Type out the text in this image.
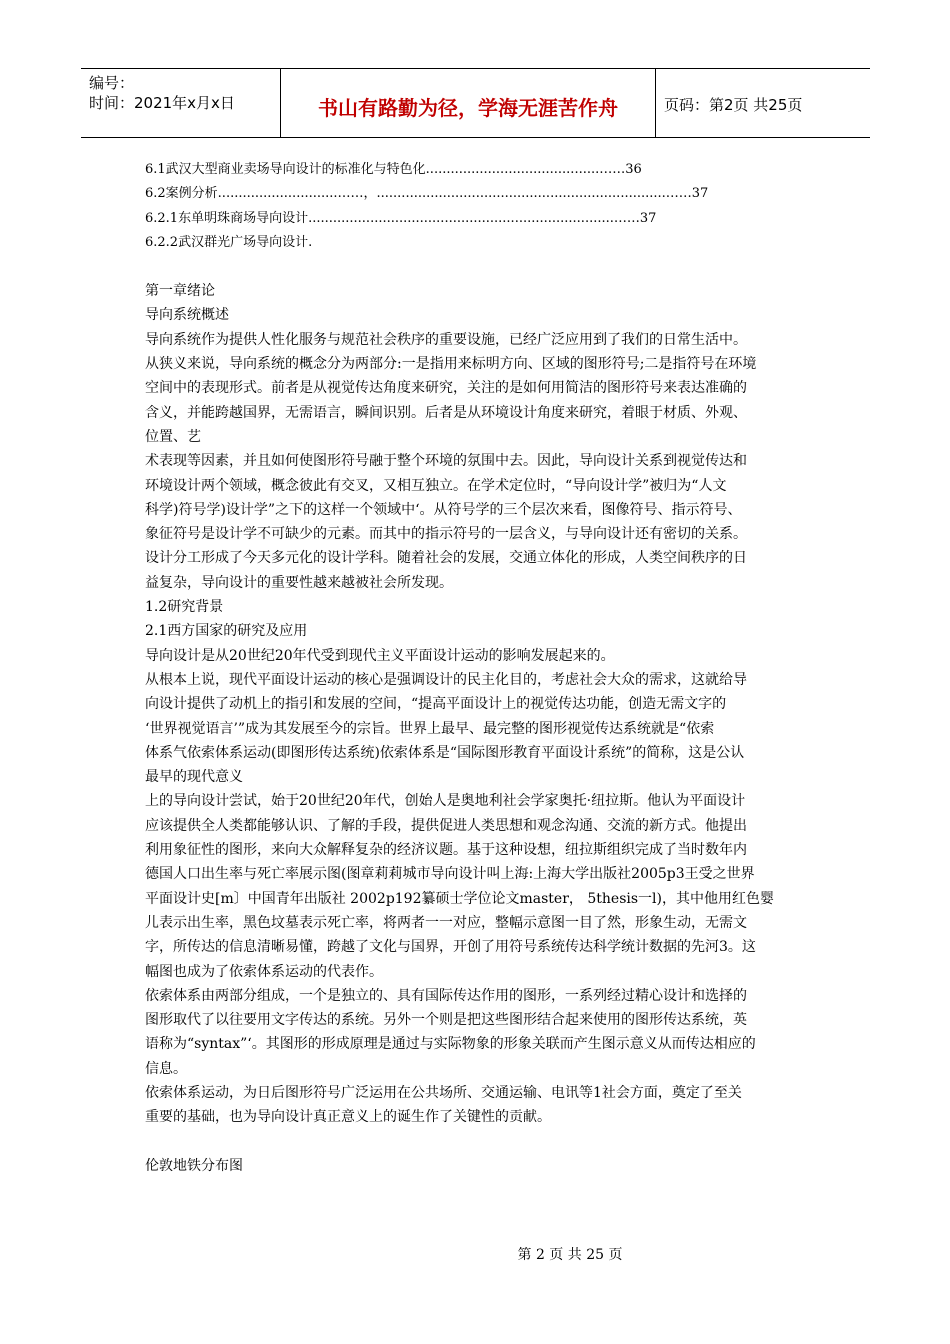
编号：
时间：2021年x月x日	书山有路勤为径，学海无涯苦作舟	页码：第2页 共25页
6.1武汉大型商业卖场导向设计的标准化与特色化..........................................……36
6.2案例分析.............................……，......................................................................……37
6.2.1东单明珠商场导向设计..........................................................................……37
6.2.2武汉群光广场导向设计.
第一章绪论
导向系统概述
导向系统作为提供人性化服务与规范社会秩序的重要设施，已经广泛应用到了我们的日常生活中。
从狭义来说，导向系统的概念分为两部分:一是指用来标明方向、区域的图形符号;二是指符号在环境
空间中的表现形式。前者是从视觉传达角度来研究，关注的是如何用简洁的图形符号来表达准确的
含义，并能跨越国界，无需语言，瞬间识别。后者是从环境设计角度来研究，着眼于材质、外观、
位置、艺
术表现等因素，并且如何使图形符号融于整个环境的氛围中去。因此，导向设计关系到视觉传达和
环境设计两个领域，概念彼此有交叉，又相互独立。在学术定位时，“导向设计学”被归为“人文
科学)符号学)设计学”之下的这样一个领域中‘。从符号学的三个层次来看，图像符号、指示符号、
象征符号是设计学不可缺少的元素。而其中的指示符号的一层含义，与导向设计还有密切的关系。
设计分工形成了今天多元化的设计学科。随着社会的发展，交通立体化的形成，人类空间秩序的日
益复杂，导向设计的重要性越来越被社会所发现。
1.2研究背景
2.1西方国家的研究及应用
导向设计是从20世纪20年代受到现代主义平面设计运动的影响发展起来的。
从根本上说，现代平面设计运动的核心是强调设计的民主化目的，考虑社会大众的需求，这就给导
向设计提供了动机上的指引和发展的空间，“提高平面设计上的视觉传达功能，创造无需文字的
‘世界视觉语言’”成为其发展至今的宗旨。世界上最早、最完整的图形视觉传达系统就是“依索
体系气依索体系运动(即图形传达系统)依索体系是“国际图形教育平面设计系统”的简称，这是公认
最早的现代意义
上的导向设计尝试，始于20世纪20年代，创始人是奥地利社会学家奥托·纽拉斯。他认为平面设计
应该提供全人类都能够认识、了解的手段，提供促进人类思想和观念沟通、交流的新方式。他提出
利用象征性的图形，来向大众解释复杂的经济议题。基于这种设想，纽拉斯组织完成了当时数年内
德国人口出生率与死亡率展示图(图章莉莉城市导向设计叫上海:上海大学出版社2005p3王受之世界
平面设计史[m〕中国青年出版社 2002p192纂硕士学位论文master， 5thesis一l)，其中他用红色婴
儿表示出生率，黑色坟墓表示死亡率，将两者一一对应，整幅示意图一目了然，形象生动，无需文
字，所传达的信息清晰易懂，跨越了文化与国界，开创了用符号系统传达科学统计数据的先河3。这
幅图也成为了依索体系运动的代表作。
依索体系由两部分组成，一个是独立的、具有国际传达作用的图形，一系列经过精心设计和选择的
图形取代了以往要用文字传达的系统。另外一个则是把这些图形结合起来使用的图形传达系统，英
语称为“syntax”‘。其图形的形成原理是通过与实际物象的形象关联而产生图示意义从而传达相应的
信息。
依索体系运动，为日后图形符号广泛运用在公共场所、交通运输、电讯等1社会方面，奠定了至关
重要的基础，也为导向设计真正意义上的诞生作了关键性的贡献。
伦敦地铁分布图
第 2 页 共 25 页
